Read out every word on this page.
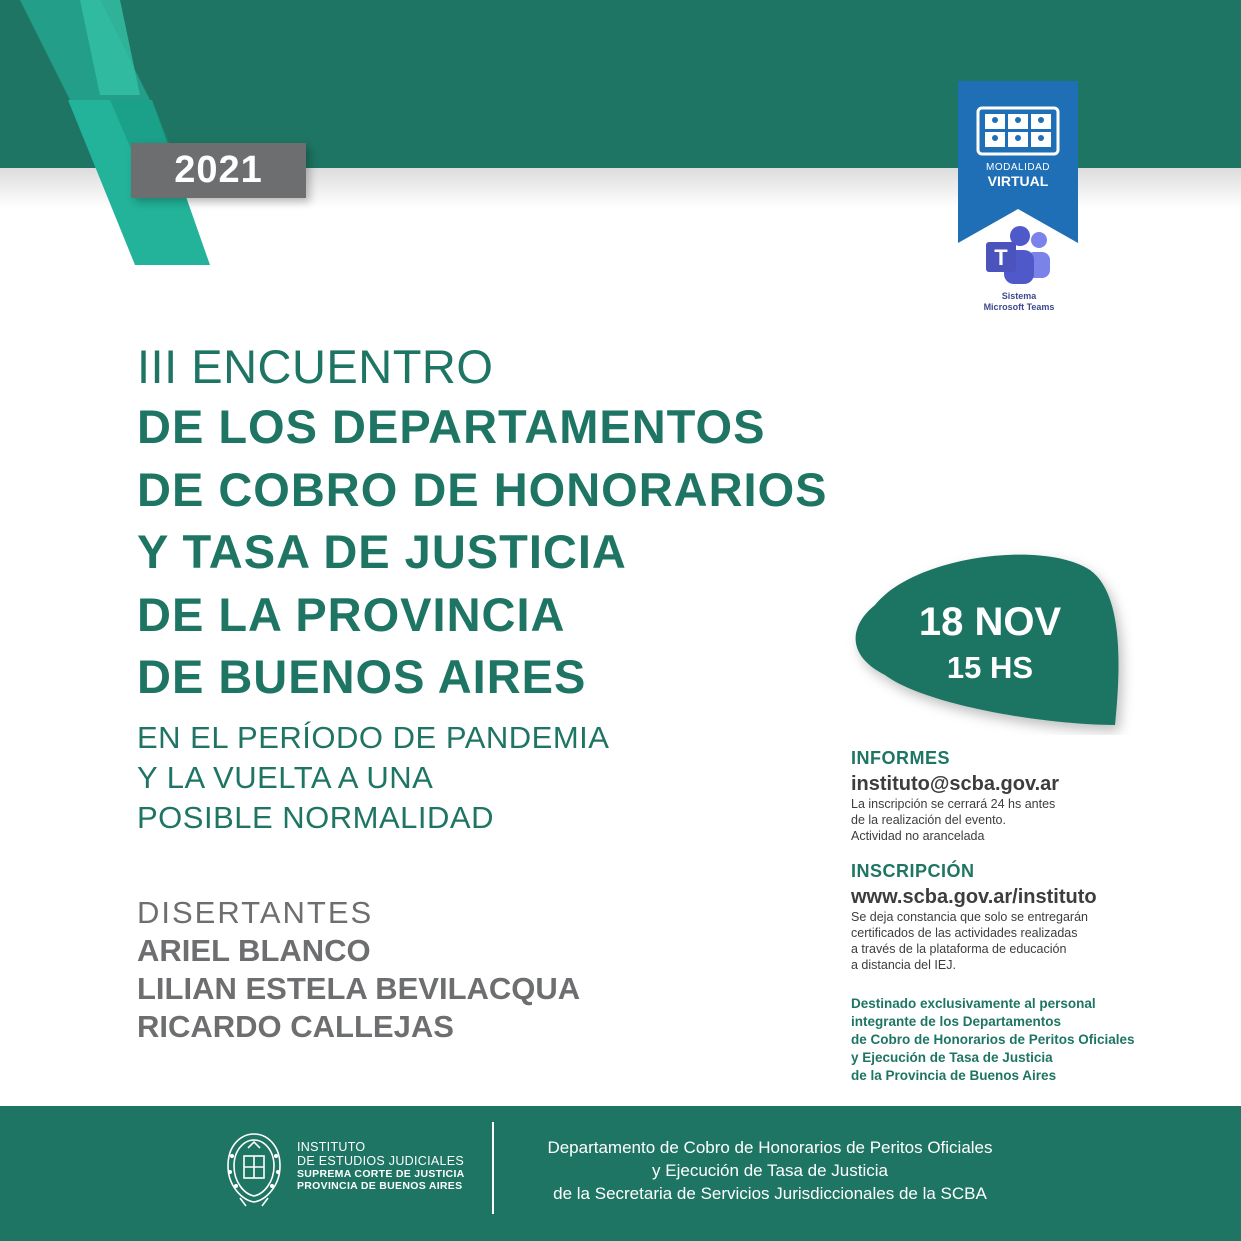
2021	MODALIDAD
VIRTUAL
T
Sistema
Microsoft Teams
III ENCUENTRO
DE LOS DEPARTAMENTOS
DE COBRO DE HONORARIOS
Y TASA DE JUSTICIA
DE LA PROVINCIA
DE BUENOS AIRES
EN EL PERÍODO DE PANDEMIA
Y LA VUELTA A UNA
POSIBLE NORMALIDAD
DISERTANTES
ARIEL BLANCO
LILIAN ESTELA BEVILACQUA
RICARDO CALLEJAS
18 NOV
15 HS
INFORMES
instituto@scba.gov.ar
La inscripción se cerrará 24 hs antes
de la realización del evento.
Actividad no arancelada
INSCRIPCIÓN
www.scba.gov.ar/instituto
Se deja constancia que solo se entregarán
certificados de las actividades realizadas
a través de la plataforma de educación
a distancia del IEJ.
Destinado exclusivamente al personal
integrante de los Departamentos
de Cobro de Honorarios de Peritos Oficiales
y Ejecución de Tasa de Justicia
de la Provincia de Buenos Aires
INSTITUTO
DE ESTUDIOS JUDICIALES
SUPREMA CORTE DE JUSTICIA
PROVINCIA DE BUENOS AIRES
Departamento de Cobro de Honorarios de Peritos Oficiales
y Ejecución de Tasa de Justicia
de la Secretaria de Servicios Jurisdiccionales de la SCBA
